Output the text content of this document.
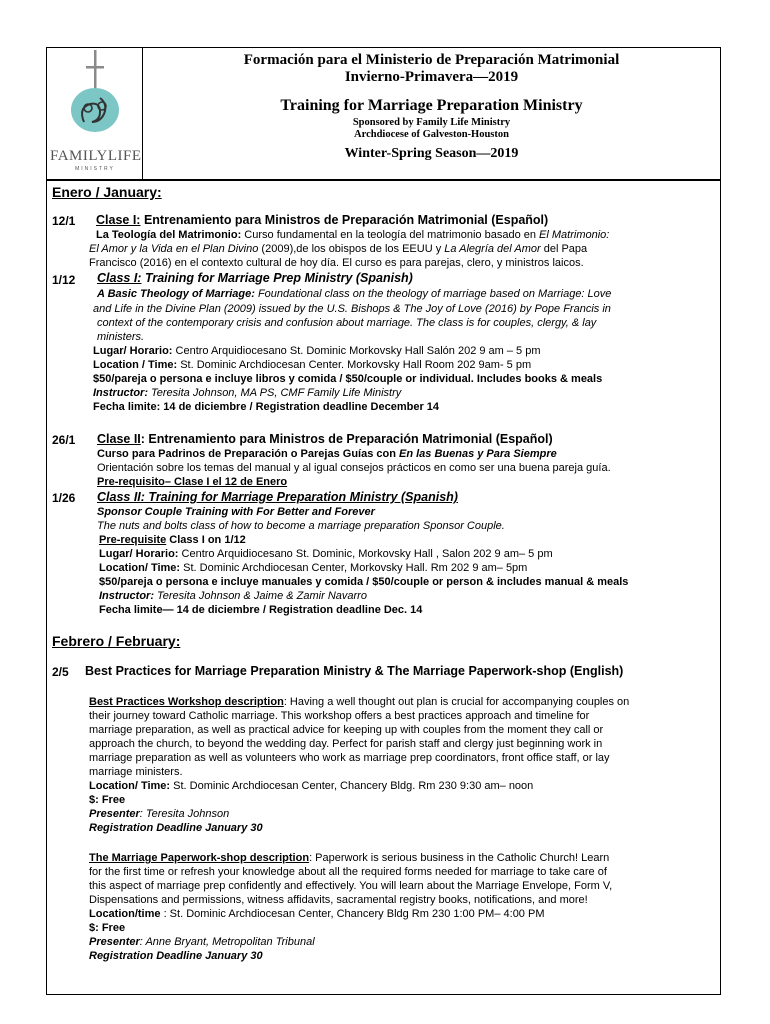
FAMILYLIFE
MINISTRY
Formación para el Ministerio de Preparación Matrimonial
Invierno-Primavera—2019
Training for Marriage Preparation Ministry
Sponsored by Family Life Ministry
Archdiocese of Galveston-Houston
Winter-Spring Season—2019
Enero / January:
12/1 Clase I: Entrenamiento para Ministros de Preparación Matrimonial (Español)
La Teología del Matrimonio: Curso fundamental en la teología del matrimonio basado en El Matrimonio:
El Amor y la Vida en el Plan Divino (2009),de los obispos de los EEUU y La Alegría del Amor del Papa
Francisco (2016) en el contexto cultural de hoy día. El curso es para parejas, clero, y ministros laicos.
1/12 Class I: Training for Marriage Prep Ministry (Spanish)
A Basic Theology of Marriage: Foundational class on the theology of marriage based on Marriage: Love
and Life in the Divine Plan (2009) issued by the U.S. Bishops & The Joy of Love (2016) by Pope Francis in
context of the contemporary crisis and confusion about marriage. The class is for couples, clergy, & lay
ministers.
Lugar/ Horario: Centro Arquidiocesano St. Dominic Morkovsky Hall Salón 202 9 am – 5 pm
Location / Time: St. Dominic Archdiocesan Center. Morkovsky Hall Room 202 9am- 5 pm
$50/pareja o persona e incluye libros y comida / $50/couple or individual. Includes books & meals
Instructor: Teresita Johnson, MA PS, CMF Family Life Ministry
Fecha limite: 14 de diciembre / Registration deadline December 14
26/1 Clase II: Entrenamiento para Ministros de Preparación Matrimonial (Español)
Curso para Padrinos de Preparación o Parejas Guías con En las Buenas y Para Siempre
Orientación sobre los temas del manual y al igual consejos prácticos en como ser una buena pareja guía.
Pre-requisito– Clase I el 12 de Enero
1/26 Class II: Training for Marriage Preparation Ministry (Spanish)
Sponsor Couple Training with For Better and Forever
The nuts and bolts class of how to become a marriage preparation Sponsor Couple.
Pre-requisite Class I on 1/12
Lugar/ Horario: Centro Arquidiocesano St. Dominic, Morkovsky Hall , Salon 202 9 am– 5 pm
Location/ Time: St. Dominic Archdiocesan Center, Morkovsky Hall. Rm 202 9 am– 5pm
$50/pareja o persona e incluye manuales y comida / $50/couple or person & includes manual & meals
Instructor: Teresita Johnson & Jaime & Zamir Navarro
Fecha limite— 14 de diciembre / Registration deadline Dec. 14
Febrero / February:
2/5 Best Practices for Marriage Preparation Ministry & The Marriage Paperwork-shop (English)
Best Practices Workshop description: Having a well thought out plan is crucial for accompanying couples on
their journey toward Catholic marriage. This workshop offers a best practices approach and timeline for
marriage preparation, as well as practical advice for keeping up with couples from the moment they call or
approach the church, to beyond the wedding day. Perfect for parish staff and clergy just beginning work in
marriage preparation as well as volunteers who work as marriage prep coordinators, front office staff, or lay
marriage ministers.
Location/ Time: St. Dominic Archdiocesan Center, Chancery Bldg. Rm 230 9:30 am– noon
$: Free
Presenter: Teresita Johnson
Registration Deadline January 30
The Marriage Paperwork-shop description: Paperwork is serious business in the Catholic Church! Learn
for the first time or refresh your knowledge about all the required forms needed for marriage to take care of
this aspect of marriage prep confidently and effectively. You will learn about the Marriage Envelope, Form V,
Dispensations and permissions, witness affidavits, sacramental registry books, notifications, and more!
Location/time : St. Dominic Archdiocesan Center, Chancery Bldg Rm 230 1:00 PM– 4:00 PM
$: Free
Presenter: Anne Bryant, Metropolitan Tribunal
Registration Deadline January 30
